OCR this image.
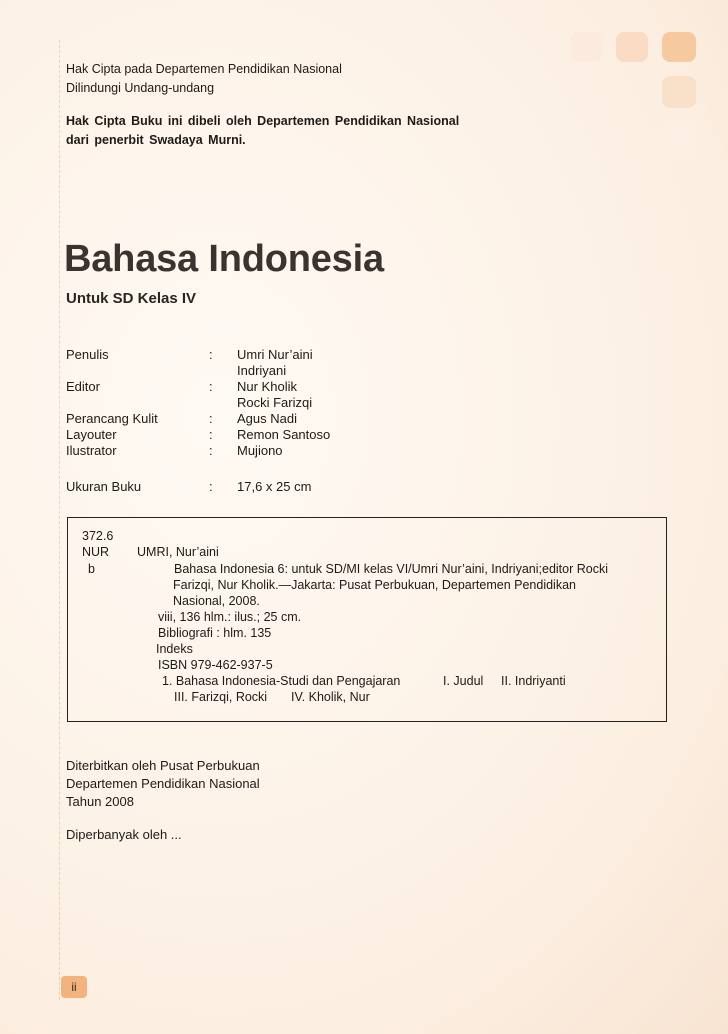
Hak Cipta pada Departemen Pendidikan Nasional
Dilindungi Undang-undang
Hak Cipta Buku ini dibeli oleh Departemen Pendidikan Nasional
dari penerbit Swadaya Murni.
Bahasa Indonesia
Untuk SD Kelas IV
Penulis	: Umri Nur’aini
Indriyani
Editor	: Nur Kholik
Rocki Farizqi
Perancang Kulit	: Agus Nadi
Layouter	: Remon Santoso
Ilustrator	: Mujiono
Ukuran Buku	: 17,6 x 25 cm
372.6
NUR UMRI, Nur’aini
b	Bahasa Indonesia 6: untuk SD/MI kelas VI/Umri Nur’aini, Indriyani;editor Rocki
Farizqi, Nur Kholik.—Jakarta: Pusat Perbukuan, Departemen Pendidikan
Nasional, 2008.
viii, 136 hlm.: ilus.; 25 cm.
Bibliografi : hlm. 135
Indeks
ISBN 979-462-937-5
1. Bahasa Indonesia-Studi dan Pengajaran	I. Judul II. Indriyanti
III. Farizqi, Rocki IV. Kholik, Nur
Diterbitkan oleh Pusat Perbukuan
Departemen Pendidikan Nasional
Tahun 2008
Diperbanyak oleh ...
ii
